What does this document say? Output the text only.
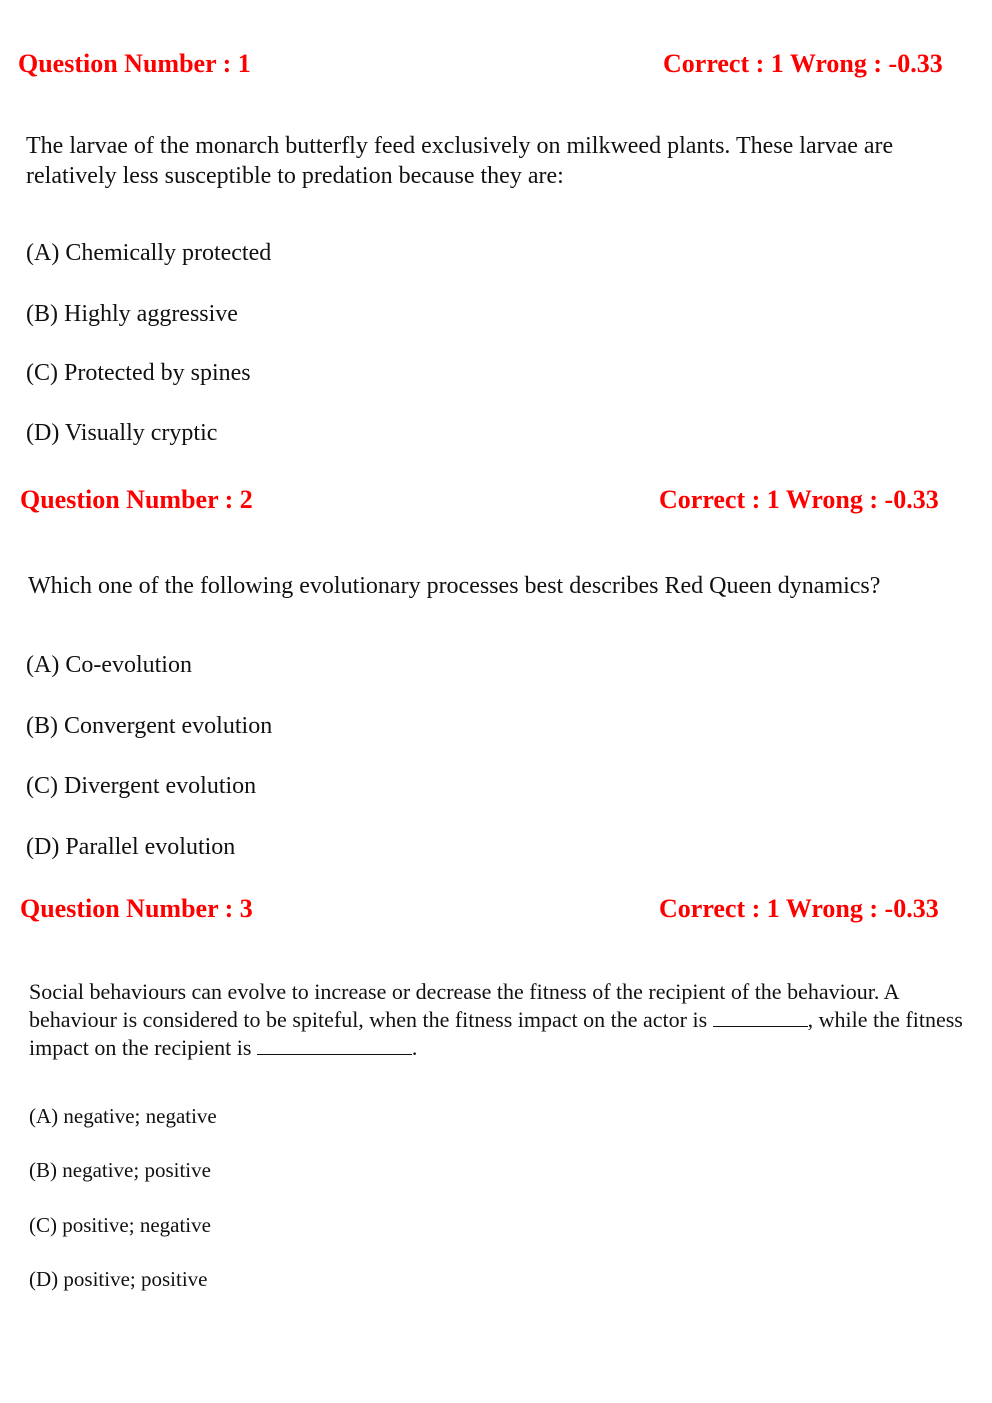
Question Number : 1	Correct : 1 Wrong : -0.33
The larvae of the monarch butterfly feed exclusively on milkweed plants. These larvae are relatively less susceptible to predation because they are:
(A) Chemically protected
(B) Highly aggressive
(C) Protected by spines
(D) Visually cryptic
Question Number : 2	Correct : 1 Wrong : -0.33
Which one of the following evolutionary processes best describes Red Queen dynamics?
(A) Co-evolution
(B) Convergent evolution
(C) Divergent evolution
(D) Parallel evolution
Question Number : 3	Correct : 1 Wrong : -0.33
Social behaviours can evolve to increase or decrease the fitness of the recipient of the behaviour. A behaviour is considered to be spiteful, when the fitness impact on the actor is	, while the fitness impact on the recipient is	.
(A) negative; negative
(B) negative; positive
(C) positive; negative
(D) positive; positive
